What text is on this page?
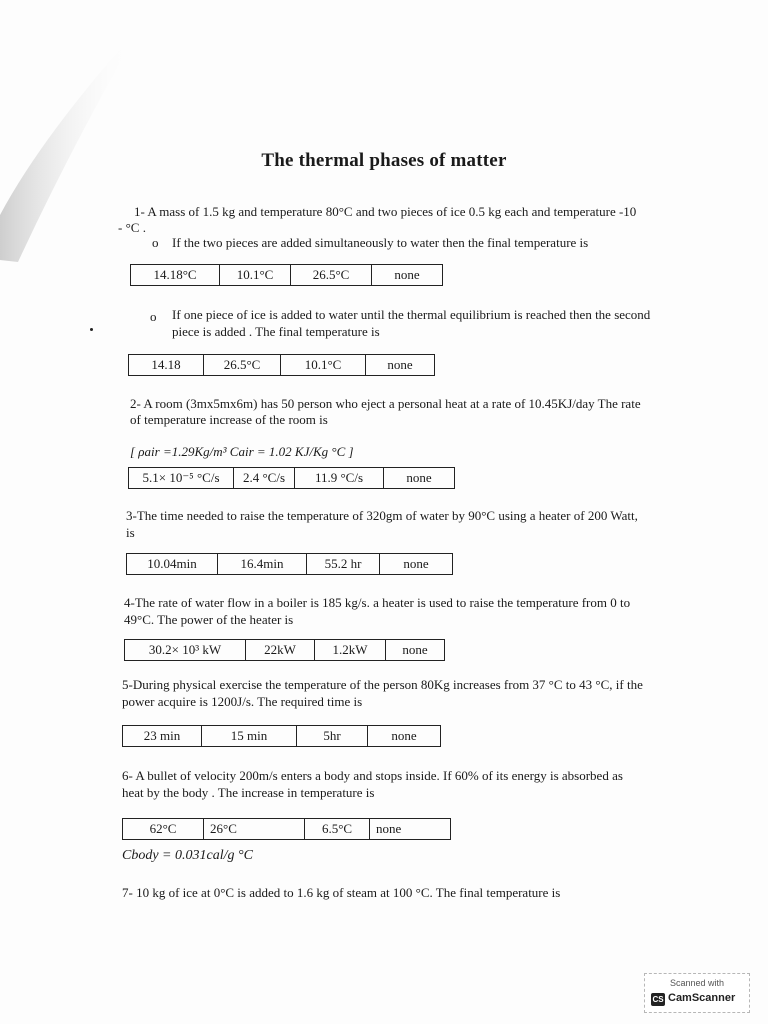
The thermal phases of matter
1- A mass of 1.5 kg and temperature 80°C and two pieces of ice 0.5 kg each and temperature -10
- °C .
o If the two pieces are added simultaneously to water then the final temperature is
14.18°C	10.1°C	26.5°C	none
o If one piece of ice is added to water until the thermal equilibrium is reached then the second
piece is added . The final temperature is
14.18	26.5°C	10.1°C	none
2- A room (3mx5mx6m) has 50 person who eject a personal heat at a rate of 10.45KJ/day The rate
of temperature increase of the room is
[ ρair =1.29Kg/m³ Cair = 1.02 KJ/Kg °C ]
5.1× 10⁻⁵ °C/s	2.4 °C/s	11.9 °C/s	none
3-The time needed to raise the temperature of 320gm of water by 90°C using a heater of 200 Watt,
is
10.04min	16.4min	55.2 hr	none
4-The rate of water flow in a boiler is 185 kg/s. a heater is used to raise the temperature from 0 to
49°C. The power of the heater is
30.2× 10³ kW	22kW	1.2kW	none
5-During physical exercise the temperature of the person 80Kg increases from 37 °C to 43 °C, if the
power acquire is 1200J/s. The required time is
23 min	15 min	5hr	none
6- A bullet of velocity 200m/s enters a body and stops inside. If 60% of its energy is absorbed as
heat by the body . The increase in temperature is
62°C	26°C	6.5°C	none
Cbody = 0.031cal/g °C
7- 10 kg of ice at 0°C is added to 1.6 kg of steam at 100 °C. The final temperature is
Scanned with
CS CamScanner
